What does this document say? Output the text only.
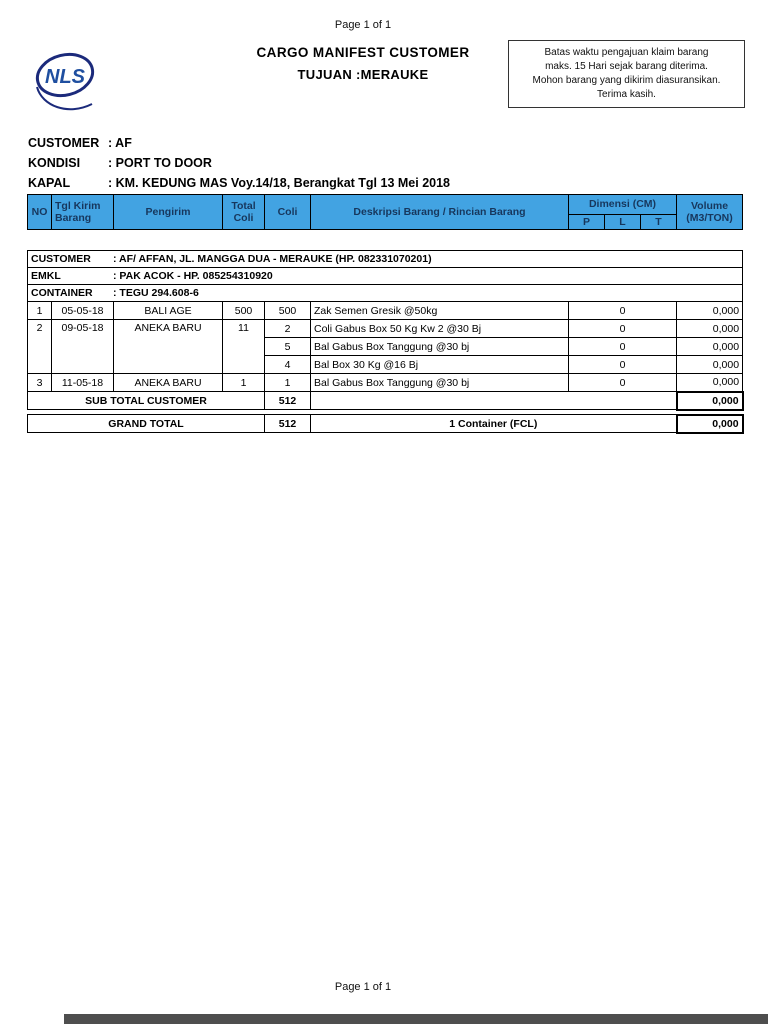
Page 1 of 1
NLS
CARGO MANIFEST CUSTOMER
TUJUAN :MERAUKE
Batas waktu pengajuan klaim barang
maks. 15 Hari sejak barang diterima.
Mohon barang yang dikirim diasuransikan.
Terima kasih.
CUSTOMER : AF
KONDISI : PORT TO DOOR
KAPAL	: KM. KEDUNG MAS Voy.14/18, Berangkat Tgl 13 Mei 2018
NO	Tgl Kirim Barang	Pengirim	Total Coli	Coli	Deskripsi Barang / Rincian Barang	Dimensi (CM)			Volume (M3/TON)
						P	L	T	
CUSTOMER : AF/ AFFAN, JL. MANGGA DUA - MERAUKE (HP. 082331070201)							
EMKL : PAK ACOK - HP. 085254310920							
CONTAINER : TEGU 294.608-6							
1	05-05-18	BALI AGE	500	500	Zak Semen Gresik @50kg	0	0,000
2	09-05-18	ANEKA BARU	11	2	Coli Gabus Box 50 Kg Kw 2 @30 Bj	0	0,000
				5	Bal Gabus Box Tanggung @30 bj	0	0,000
				4	Bal Box 30 Kg @16 Bj	0	0,000
3	11-05-18	ANEKA BARU	1	1	Bal Gabus Box Tanggung @30 bj	0	0,000
SUB TOTAL CUSTOMER				512			0,000
GRAND TOTAL	512	1 Container (FCL)	0,000
Page 1 of 1
